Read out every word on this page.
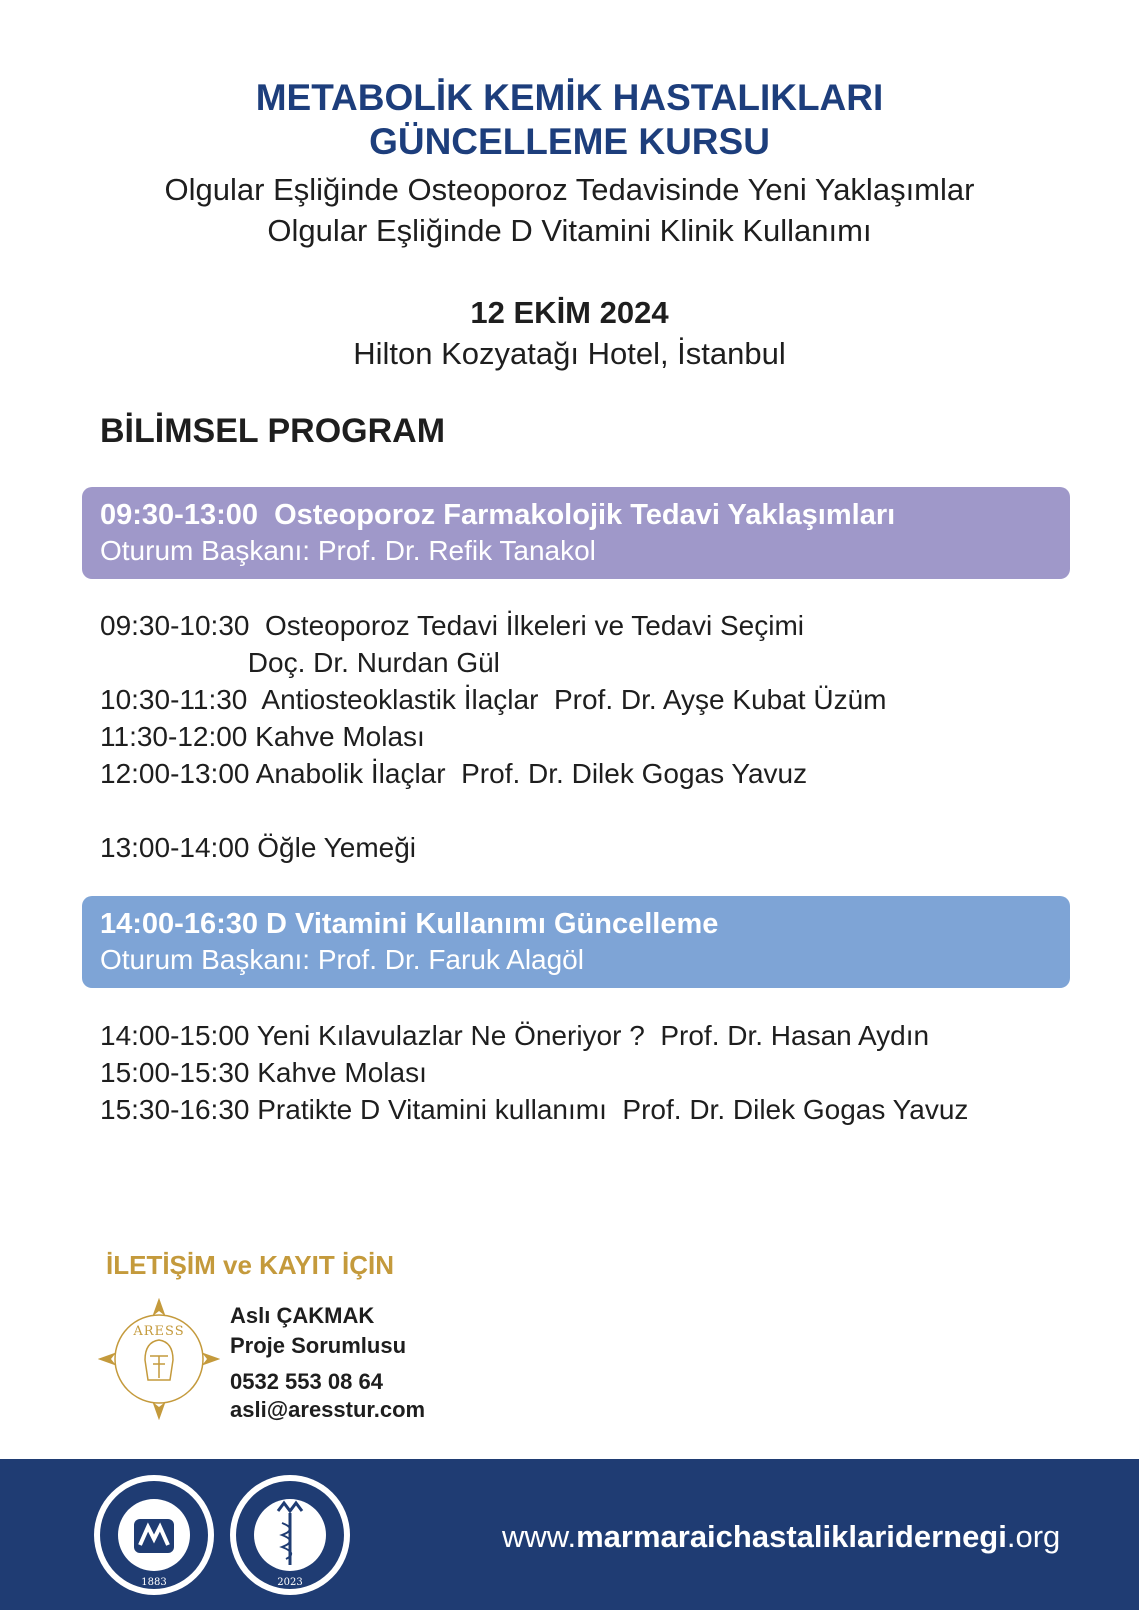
METABOLİK KEMİK HASTALIKLARI
GÜNCELLEME KURSU
Olgular Eşliğinde Osteoporoz Tedavisinde Yeni Yaklaşımlar
Olgular Eşliğinde D Vitamini Klinik Kullanımı
12 EKİM 2024
Hilton Kozyatağı Hotel, İstanbul
BİLİMSEL PROGRAM
09:30-13:00  Osteoporoz Farmakolojik Tedavi Yaklaşımları
Oturum Başkanı: Prof. Dr. Refik Tanakol
09:30-10:30  Osteoporoz Tedavi İlkeleri ve Tedavi Seçimi
Doç. Dr. Nurdan Gül
10:30-11:30  Antiosteoklastik İlaçlar  Prof. Dr. Ayşe Kubat Üzüm
11:30-12:00 Kahve Molası
12:00-13:00 Anabolik İlaçlar  Prof. Dr. Dilek Gogas Yavuz
13:00-14:00 Öğle Yemeği
14:00-16:30 D Vitamini Kullanımı Güncelleme
Oturum Başkanı: Prof. Dr. Faruk Alagöl
14:00-15:00 Yeni Kılavulazlar Ne Öneriyor ?  Prof. Dr. Hasan Aydın
15:00-15:30 Kahve Molası
15:30-16:30 Pratikte D Vitamini kullanımı  Prof. Dr. Dilek Gogas Yavuz
İLETİŞİM ve KAYIT İÇİN
ARESS
Aslı ÇAKMAK
Proje Sorumlusu
0532 553 08 64
asli@aresstur.com
1883	2023
www.marmaraichastaliklaridernegi.org
